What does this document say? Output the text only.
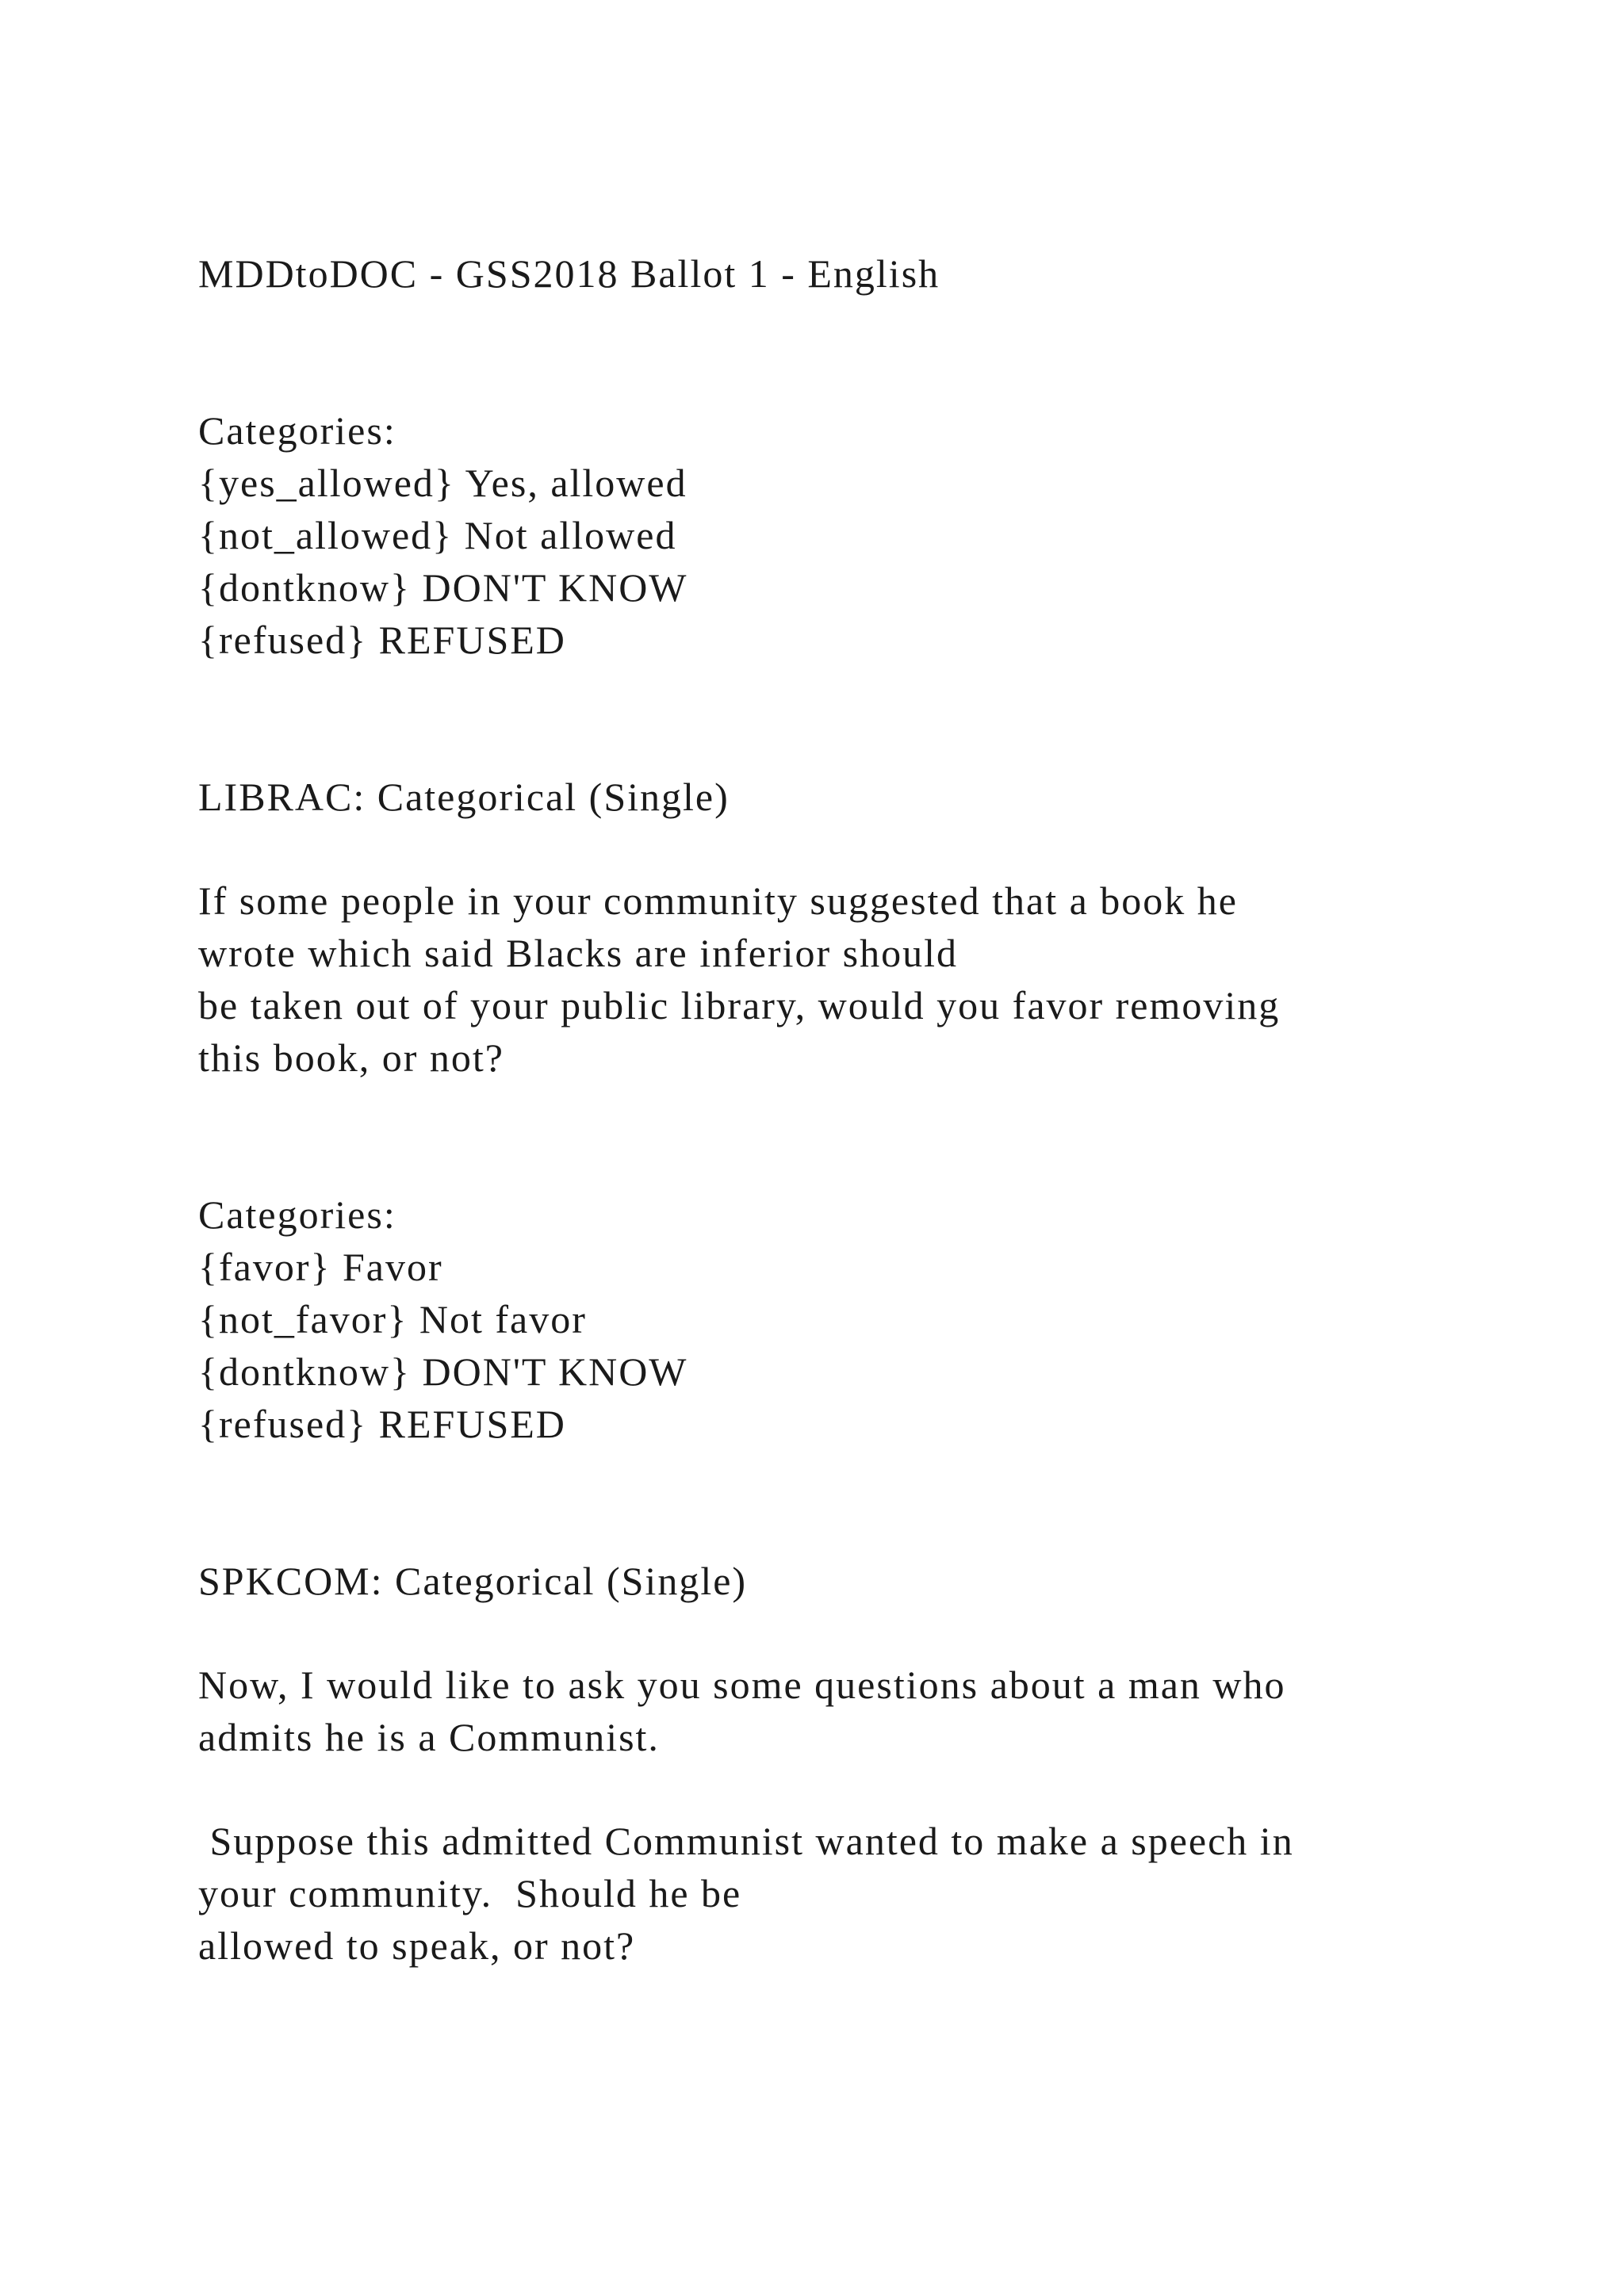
MDDtoDOC - GSS2018 Ballot 1 - English
Categories:
{yes_allowed} Yes, allowed
{not_allowed} Not allowed
{dontknow} DON'T KNOW
{refused} REFUSED
LIBRAC: Categorical (Single)
If some people in your community suggested that a book he
wrote which said Blacks are inferior should
be taken out of your public library, would you favor removing
this book, or not?
Categories:
{favor} Favor
{not_favor} Not favor
{dontknow} DON'T KNOW
{refused} REFUSED
SPKCOM: Categorical (Single)
Now, I would like to ask you some questions about a man who
admits he is a Communist.
Suppose this admitted Communist wanted to make a speech in
your community.  Should he be
allowed to speak, or not?
